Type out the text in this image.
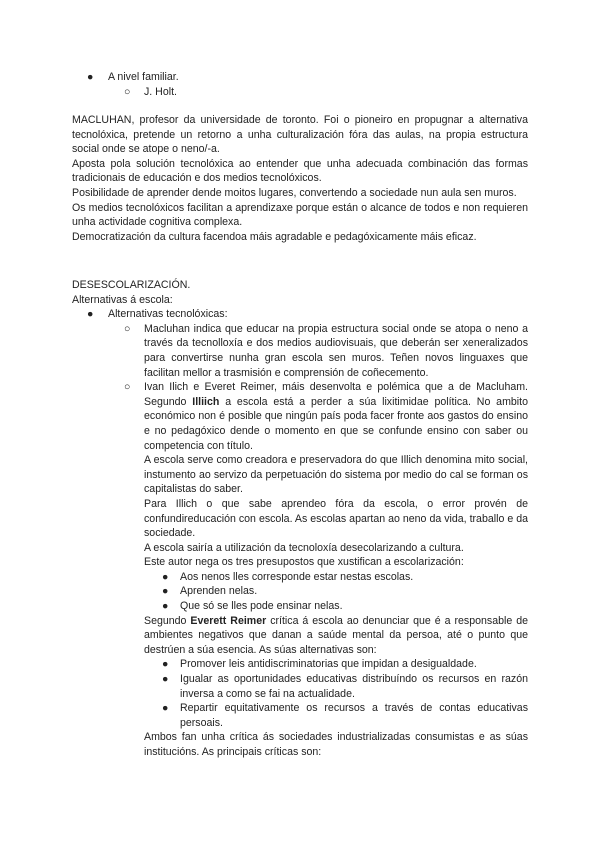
● A nivel familiar.
○ J. Holt.

MACLUHAN, profesor da universidade de toronto. Foi o pioneiro en propugnar a alternativa tecnolóxica, pretende un retorno a unha culturalización fóra das aulas, na propia estructura social onde se atope o neno/-a.

Aposta pola solución tecnolóxica ao entender que unha adecuada combinación das formas tradicionais de educación e dos medios tecnolóxicos.

Posibilidade de aprender dende moitos lugares, convertendo a sociedade nun aula sen muros.

Os medios tecnolóxicos facilitan a aprendizaxe porque están o alcance de todos e non requieren unha actividade cognitiva complexa.

Democratización da cultura facendoa máis agradable e pedagóxicamente máis eficaz.

DESESCOLARIZACIÓN.

Alternativas á escola:

● Alternativas tecnolóxicas:
○ Macluhan indica que educar na propia estructura social onde se atopa o neno a través da tecnolloxía e dos medios audiovisuais, que deberán ser xeneralizados para convertirse nunha gran escola sen muros. Teñen novos linguaxes que facilitan mellor a trasmisión e comprensión de coñecemento.
○ Ivan Ilich e Everet Reimer, máis desenvolta e polémica que a de Macluham. Segundo Illiich a escola está a perder a súa lixitimidae política. No ambito económico non é posible que ningún país poda facer fronte aos gastos do ensino e no pedagóxico dende o momento en que se confunde ensino con saber ou competencia con título.

A escola serve como creadora e preservadora do que Illich denomina mito social, instumento ao servizo da perpetuación do sistema por medio do cal se forman os capitalistas do saber.

Para Illich o que sabe aprendeo fóra da escola, o error provén de confundireducación con escola. As escolas apartan ao neno da vida, traballo e da sociedade.

A escola sairía a utilización da tecnoloxía desecolarizando a cultura.

Este autor nega os tres presupostos que xustifican a escolarización:

● Aos nenos lles corresponde estar nestas escolas.
● Aprenden nelas.
● Que só se lles pode ensinar nelas.

Segundo Everett Reimer crítica á escola ao denunciar que é a responsable de ambientes negativos que danan a saúde mental da persoa, até o punto que destrúen a súa esencia. As súas alternativas son:

● Promover leis antidiscriminatorias que impidan a desigualdade.
● Igualar as oportunidades educativas distribuíndo os recursos en razón inversa a como se fai na actualidade.
● Repartir equitativamente os recursos a través de contas educativas persoais.

Ambos fan unha crítica ás sociedades industrializadas consumistas e as súas institucións. As principais críticas son:
